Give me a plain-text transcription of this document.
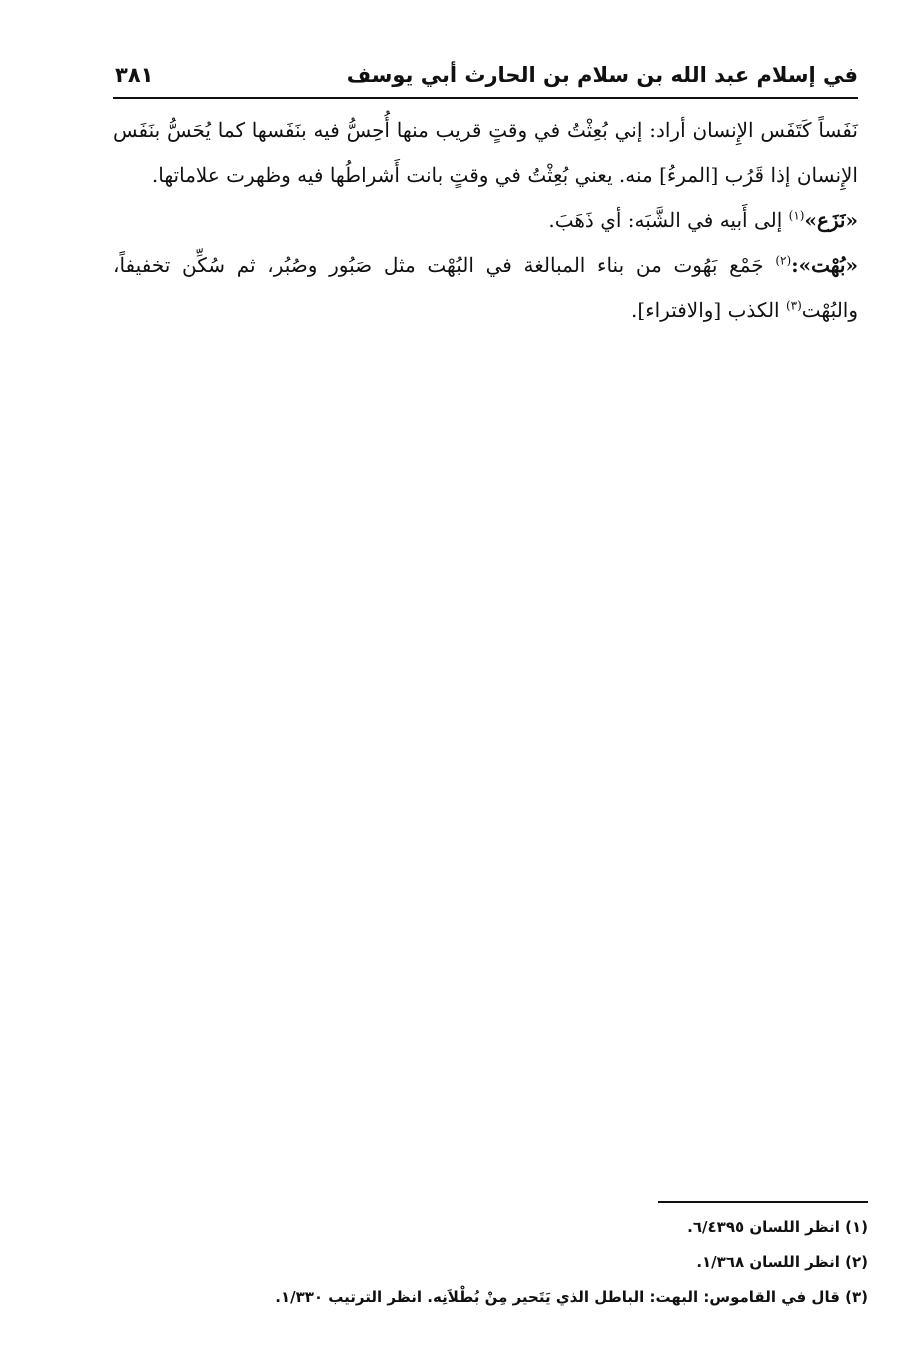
في إسلام عبد الله بن سلام بن الحارث أبي يوسف
٣٨١

نَفَساً كَتَفَس الإِنسان أراد: إني بُعِثْتُ في وقتٍ قريب منها أُحِسُّ فيه بنَفَسها كما يُحَسُّ بنَفَس الإِنسان إذا قَرُب [المرءُ] منه. يعني بُعِثْتُ في وقتٍ بانت أَشراطُها فيه وظهرت علاماتها.

«نَزَع»$^{(١)}$ إلى أَبيه في الشَّبَه: أي ذَهَبَ.

«بُهْت»:$^{(٢)}$ جَمْع بَهُوت من بناء المبالغة في البُهْت مثل صَبُور وصُبُر، ثم سُكِّن تخفيفاً، والبُهْت$^{(٣)}$ الكذب [والافتراء].

(١) انظر اللسان ٦/٤٣٩٥.

(٢) انظر اللسان ١/٣٦٨.

(٣) قال في القاموس: البهت: الباطل الذي يَتَحير مِنْ بُطْلاَنِه. انظر الترتيب ١/٣٣٠.
